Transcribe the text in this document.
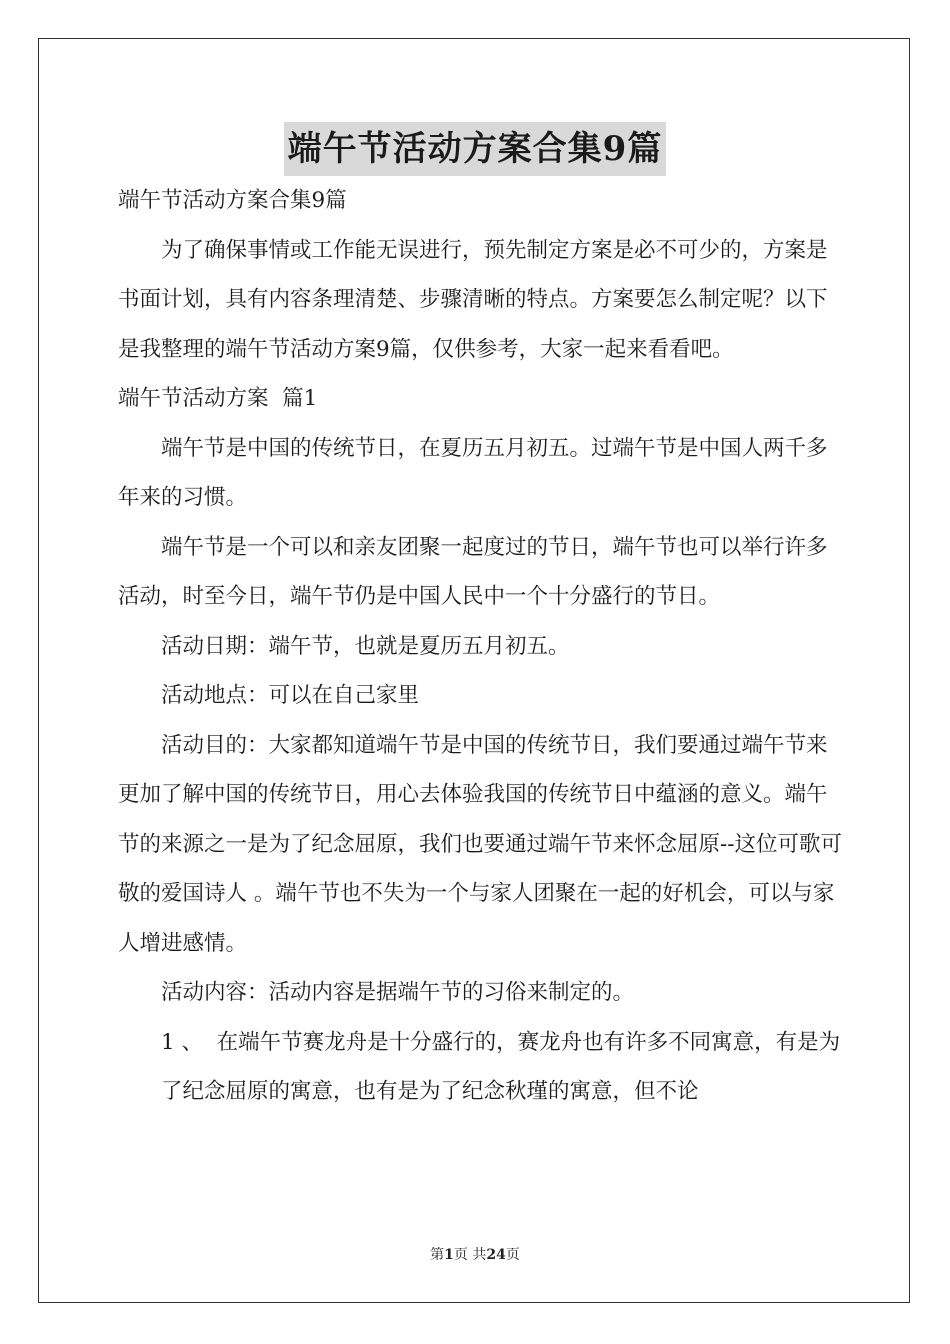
端午节活动方案合集9篇

端午节活动方案合集9篇

为了确保事情或工作能无误进行，预先制定方案是必不可少的，方案是书面计划，具有内容条理清楚、步骤清晰的特点。方案要怎么制定呢？以下是我整理的端午节活动方案9篇，仅供参考，大家一起来看看吧。

端午节活动方案  篇1

端午节是中国的传统节日，在夏历五月初五。过端午节是中国人两千多年来的习惯。

端午节是一个可以和亲友团聚一起度过的节日，端午节也可以举行许多活动，时至今日，端午节仍是中国人民中一个十分盛行的节日。

活动日期：端午节，也就是夏历五月初五。

活动地点：可以在自己家里

活动目的：大家都知道端午节是中国的传统节日，我们要通过端午节来更加了解中国的传统节日，用心去体验我国的传统节日中蕴涵的意义。端午节的来源之一是为了纪念屈原，我们也要通过端午节来怀念屈原--这位可歌可敬的爱国诗人 。端午节也不失为一个与家人团聚在一起的好机会，可以与家人增进感情。

活动内容：活动内容是据端午节的习俗来制定的。

1 、  在端午节赛龙舟是十分盛行的，赛龙舟也有许多不同寓意，有是为了纪念屈原的寓意，也有是为了纪念秋瑾的寓意，但不论

第1页 共24页
